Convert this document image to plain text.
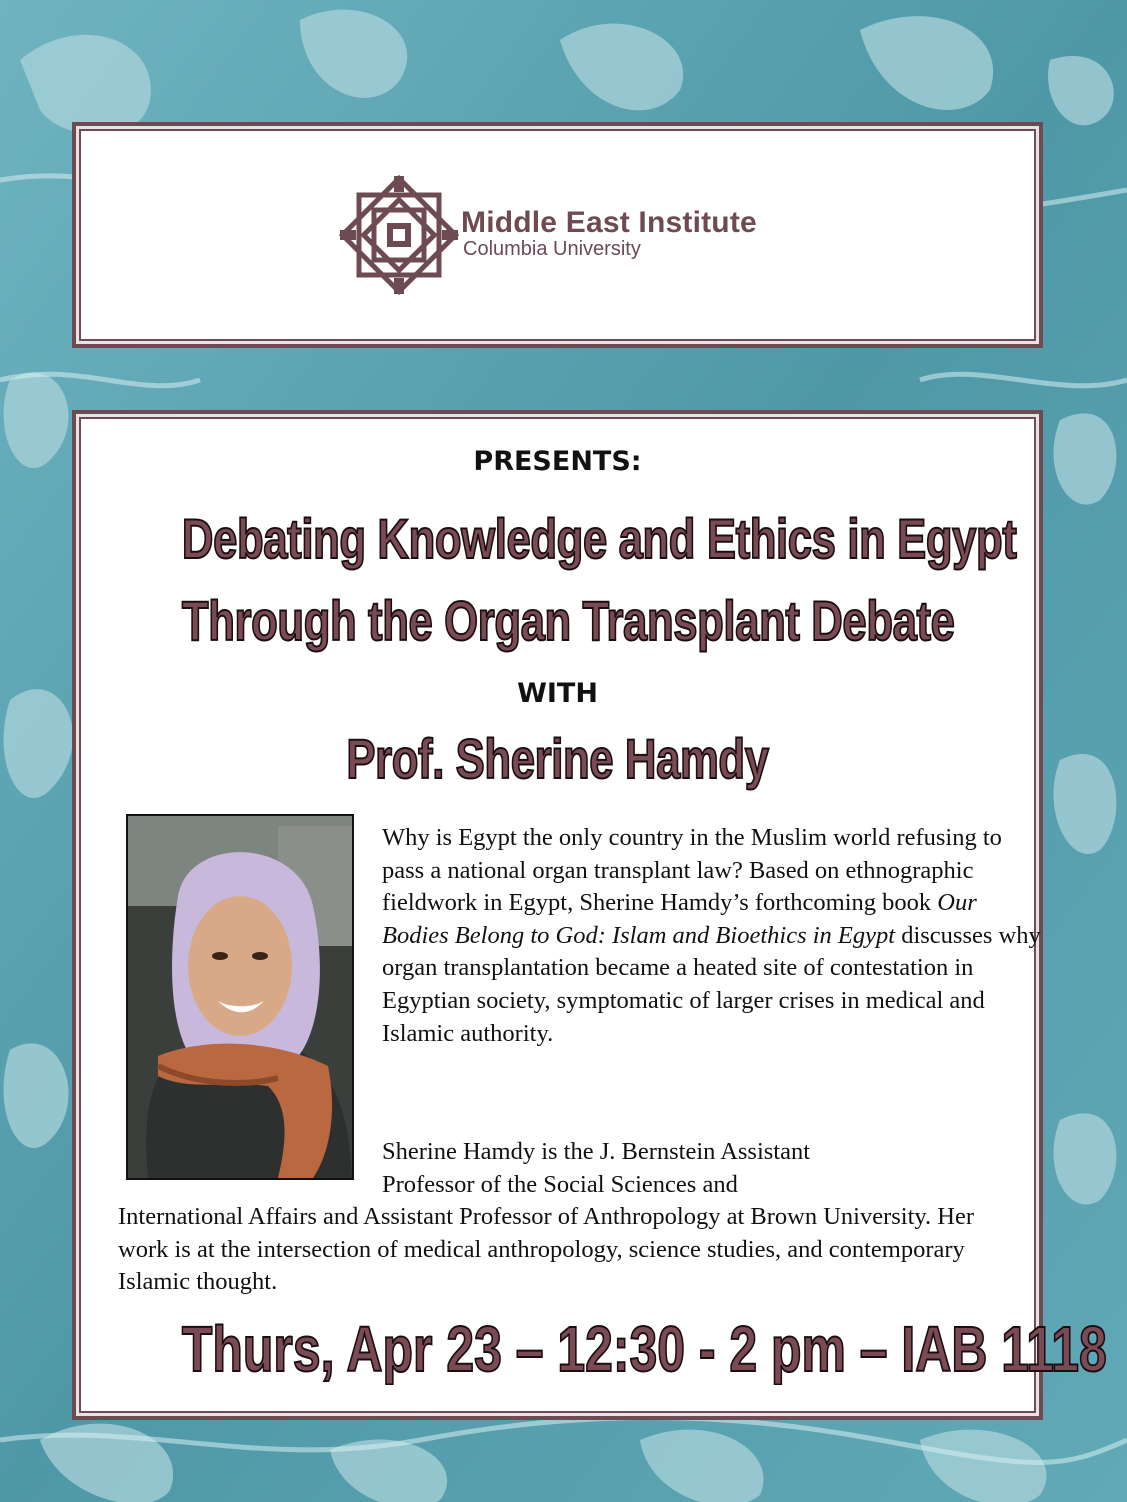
Middle East Institute
Columbia University
PRESENTS:
Debating Knowledge and Ethics in Egypt
Through the Organ Transplant Debate
WITH
Prof. Sherine Hamdy

Why is Egypt the only country in the Muslim world refusing to pass a national organ transplant law? Based on ethnographic fieldwork in Egypt, Sherine Hamdy’s forthcoming book Our Bodies Belong to God: Islam and Bioethics in Egypt discusses why organ transplantation became a heated site of contestation in Egyptian society, symptomatic of larger crises in medical and Islamic authority.

Sherine Hamdy is the J. Bernstein Assistant
Professor of the Social Sciences and
International Affairs and Assistant Professor of Anthropology at Brown University. Her work is at the intersection of medical anthropology, science studies, and contemporary Islamic thought.
Thurs, Apr 23 – 12:30 - 2 pm – IAB 1118
